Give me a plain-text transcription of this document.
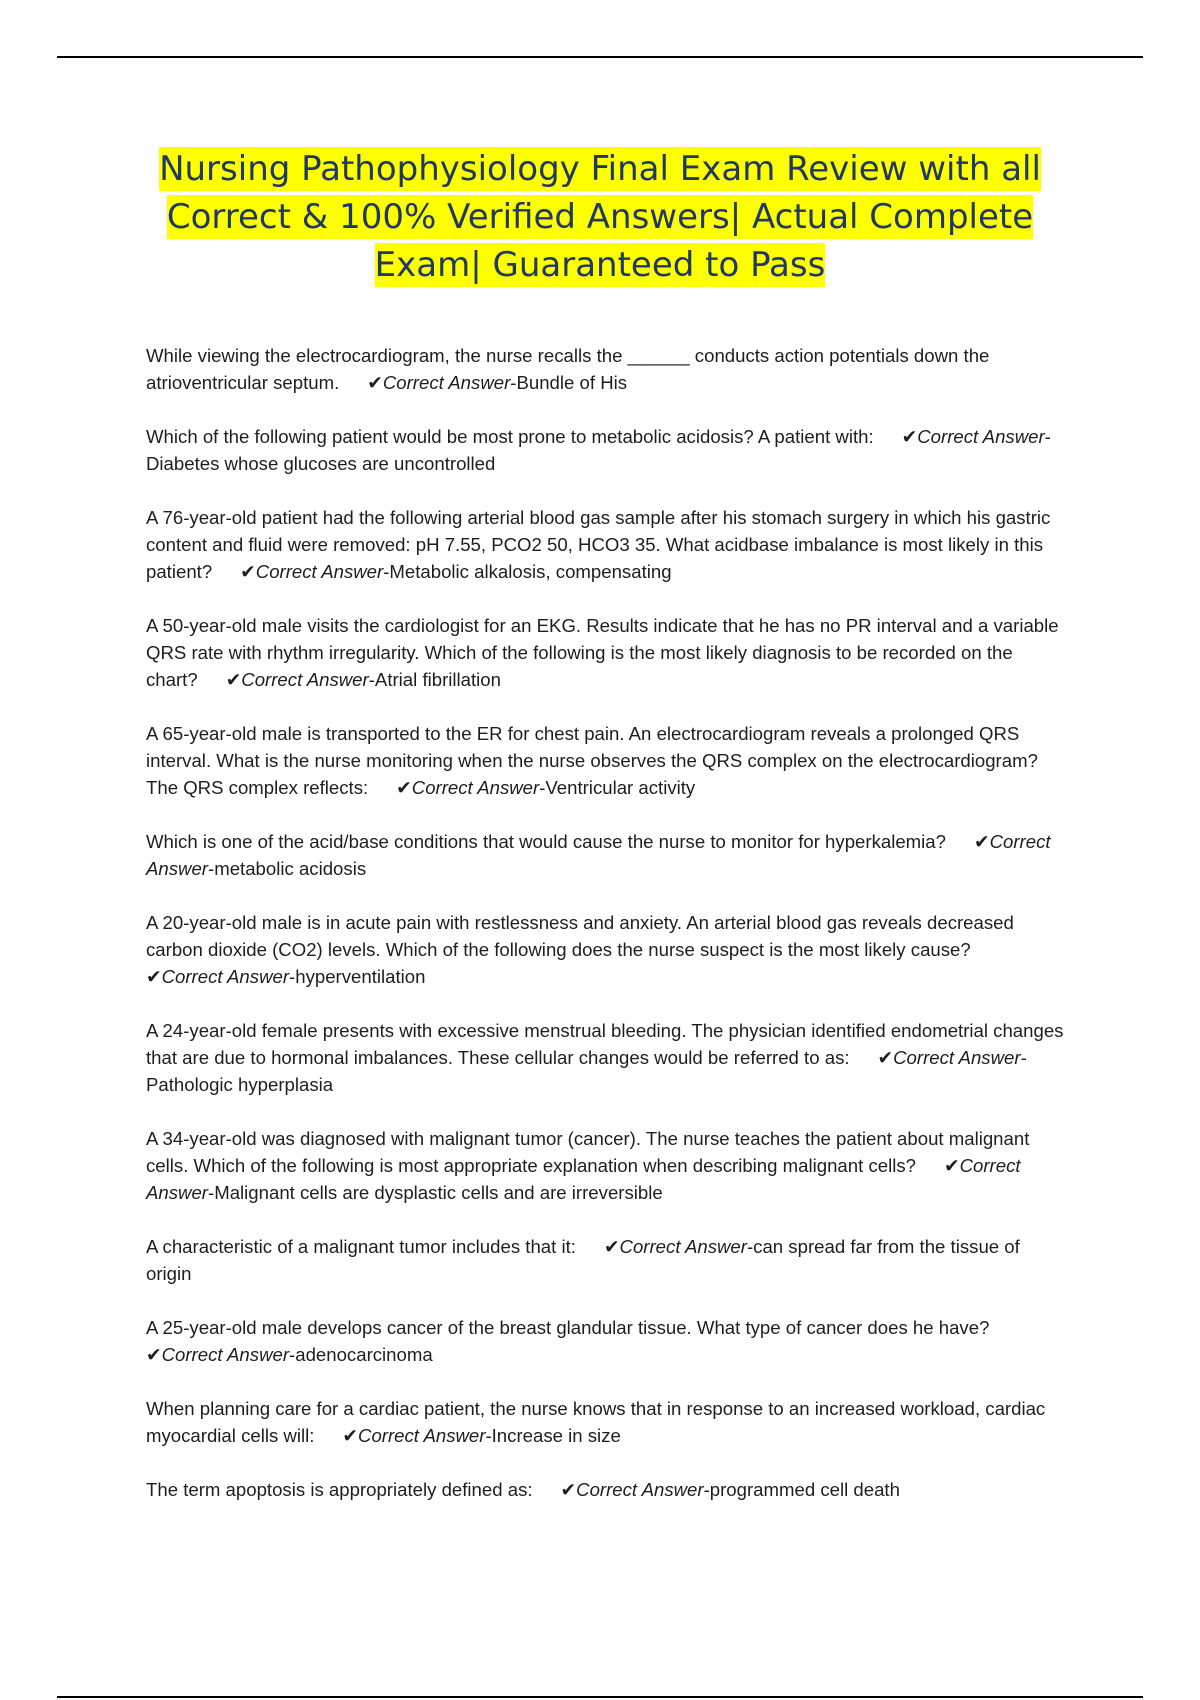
Nursing Pathophysiology Final Exam Review with all
Correct & 100% Verified Answers| Actual Complete
Exam| Guaranteed to Pass
While viewing the electrocardiogram, the nurse recalls the ______ conducts action potentials down the atrioventricular septum. ✔Correct Answer-Bundle of His
Which of the following patient would be most prone to metabolic acidosis? A patient with: ✔Correct Answer-Diabetes whose glucoses are uncontrolled
A 76-year-old patient had the following arterial blood gas sample after his stomach surgery in which his gastric content and fluid were removed: pH 7.55, PCO2 50, HCO3 35. What acidbase imbalance is most likely in this patient? ✔Correct Answer-Metabolic alkalosis, compensating
A 50-year-old male visits the cardiologist for an EKG. Results indicate that he has no PR interval and a variable QRS rate with rhythm irregularity. Which of the following is the most likely diagnosis to be recorded on the chart? ✔Correct Answer-Atrial fibrillation
A 65-year-old male is transported to the ER for chest pain. An electrocardiogram reveals a prolonged QRS interval. What is the nurse monitoring when the nurse observes the QRS complex on the electrocardiogram? The QRS complex reflects: ✔Correct Answer-Ventricular activity
Which is one of the acid/base conditions that would cause the nurse to monitor for hyperkalemia? ✔Correct Answer-metabolic acidosis
A 20-year-old male is in acute pain with restlessness and anxiety. An arterial blood gas reveals decreased carbon dioxide (CO2) levels. Which of the following does the nurse suspect is the most likely cause?✔Correct Answer-hyperventilation
A 24-year-old female presents with excessive menstrual bleeding. The physician identified endometrial changes that are due to hormonal imbalances. These cellular changes would be referred to as: ✔Correct Answer-Pathologic hyperplasia
A 34-year-old was diagnosed with malignant tumor (cancer). The nurse teaches the patient about malignant cells. Which of the following is most appropriate explanation when describing malignant cells? ✔Correct Answer-Malignant cells are dysplastic cells and are irreversible
A characteristic of a malignant tumor includes that it: ✔Correct Answer-can spread far from the tissue of origin
A 25-year-old male develops cancer of the breast glandular tissue. What type of cancer does he have?✔Correct Answer-adenocarcinoma
When planning care for a cardiac patient, the nurse knows that in response to an increased workload, cardiac myocardial cells will: ✔Correct Answer-Increase in size
The term apoptosis is appropriately defined as: ✔Correct Answer-programmed cell death
